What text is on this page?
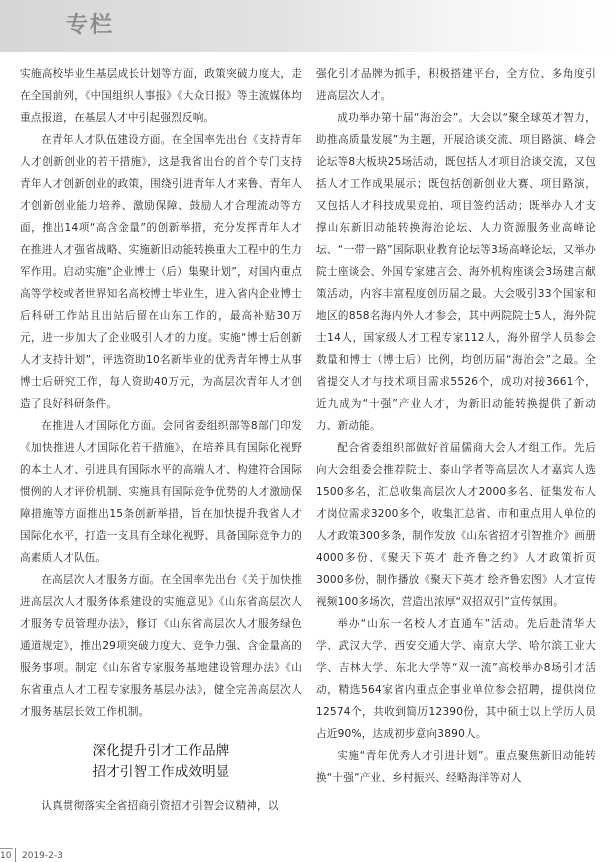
专栏

实施高校毕业生基层成长计划等方面，政策突破力度大，走在全国前列，《中国组织人事报》《大众日报》等主流媒体均重点报道，在基层人才中引起强烈反响。

在青年人才队伍建设方面。在全国率先出台《支持青年人才创新创业的若干措施》，这是我省出台的首个专门支持青年人才创新创业的政策，围绕引进青年人才来鲁、青年人才创新创业能力培养、激励保障、鼓励人才合理流动等方面，推出14项“高含金量”的创新举措，充分发挥青年人才在推进人才强省战略、实施新旧动能转换重大工程中的生力军作用。启动实施“企业博士（后）集聚计划”，对国内重点高等学校或者世界知名高校博士毕业生，进入省内企业博士后科研工作站且出站后留在山东工作的，最高补贴30万元，进一步加大了企业吸引人才的力度。实施“博士后创新人才支持计划”，评选资助10名新毕业的优秀青年博士从事博士后研究工作，每人资助40万元，为高层次青年人才创造了良好科研条件。

在推进人才国际化方面。会同省委组织部等8部门印发《加快推进人才国际化若干措施》，在培养具有国际化视野的本土人才、引进具有国际水平的高端人才、构建符合国际惯例的人才评价机制、实施具有国际竞争优势的人才激励保障措施等方面推出15条创新举措，旨在加快提升我省人才国际化水平，打造一支具有全球化视野、具备国际竞争力的高素质人才队伍。

在高层次人才服务方面。在全国率先出台《关于加快推进高层次人才服务体系建设的实施意见》《山东省高层次人才服务专员管理办法》，修订《山东省高层次人才服务绿色通道规定》，推出29项突破力度大、竞争力强、含金量高的服务事项。制定《山东省专家服务基地建设管理办法》《山东省重点人才工程专家服务基层办法》，健全完善高层次人才服务基层长效工作机制。

深化提升引才工作品牌
招才引智工作成效明显

认真贯彻落实全省招商引资招才引智会议精神，以

强化引才品牌为抓手，积极搭建平台，全方位、多角度引进高层次人才。

成功举办第十届“海治会”。大会以“聚全球英才智力，助推高质量发展”为主题，开展洽谈交流、项目路演、峰会论坛等8大板块25场活动，既包括人才项目洽谈交流，又包括人才工作成果展示；既包括创新创业大赛、项目路演，又包括人才科技成果竞拍、项目签约活动；既举办人才支撑山东新旧动能转换海治论坛、人力资源服务业高峰论坛、“一带一路”国际职业教育论坛等3场高峰论坛，又举办院士座谈会、外国专家建言会、海外机构座谈会3场建言献策活动，内容丰富程度创历届之最。大会吸引33个国家和地区的858名海内外人才参会，其中两院院士5人，海外院士14人，国家级人才工程专家112人，海外留学人员参会数量和博士（博士后）比例，均创历届“海治会”之最。全省提交人才与技术项目需求5526个，成功对接3661个，近九成为“十强”产业人才，为新旧动能转换提供了新动力、新动能。

配合省委组织部做好首届儒商大会人才组工作。先后向大会组委会推荐院士、泰山学者等高层次人才嘉宾人选1500多名，汇总收集高层次人才2000多名、征集发布人才岗位需求3200多个，收集汇总省、市和重点用人单位的人才政策300多条，制作发放《山东省招才引智推介》画册4000多份、《聚天下英才 赴齐鲁之约》人才政策折页3000多份，制作播放《聚天下英才 绘齐鲁宏图》人才宣传视频100多场次，营造出浓厚“双招双引”宣传氛围。

举办“山东一名校人才直通车”活动。先后赴清华大学、武汉大学、西安交通大学、南京大学、哈尔滨工业大学、吉林大学、东北大学等“双一流”高校举办8场引才活动，精选564家省内重点企事业单位参会招聘，提供岗位12574个，共收到简历12390份，其中硕士以上学历人员占近90%，达成初步意向3890人。

实施“青年优秀人才引进计划”。重点聚焦新旧动能转换“十强”产业、乡村振兴、经略海洋等对人

10 2019-2-3
